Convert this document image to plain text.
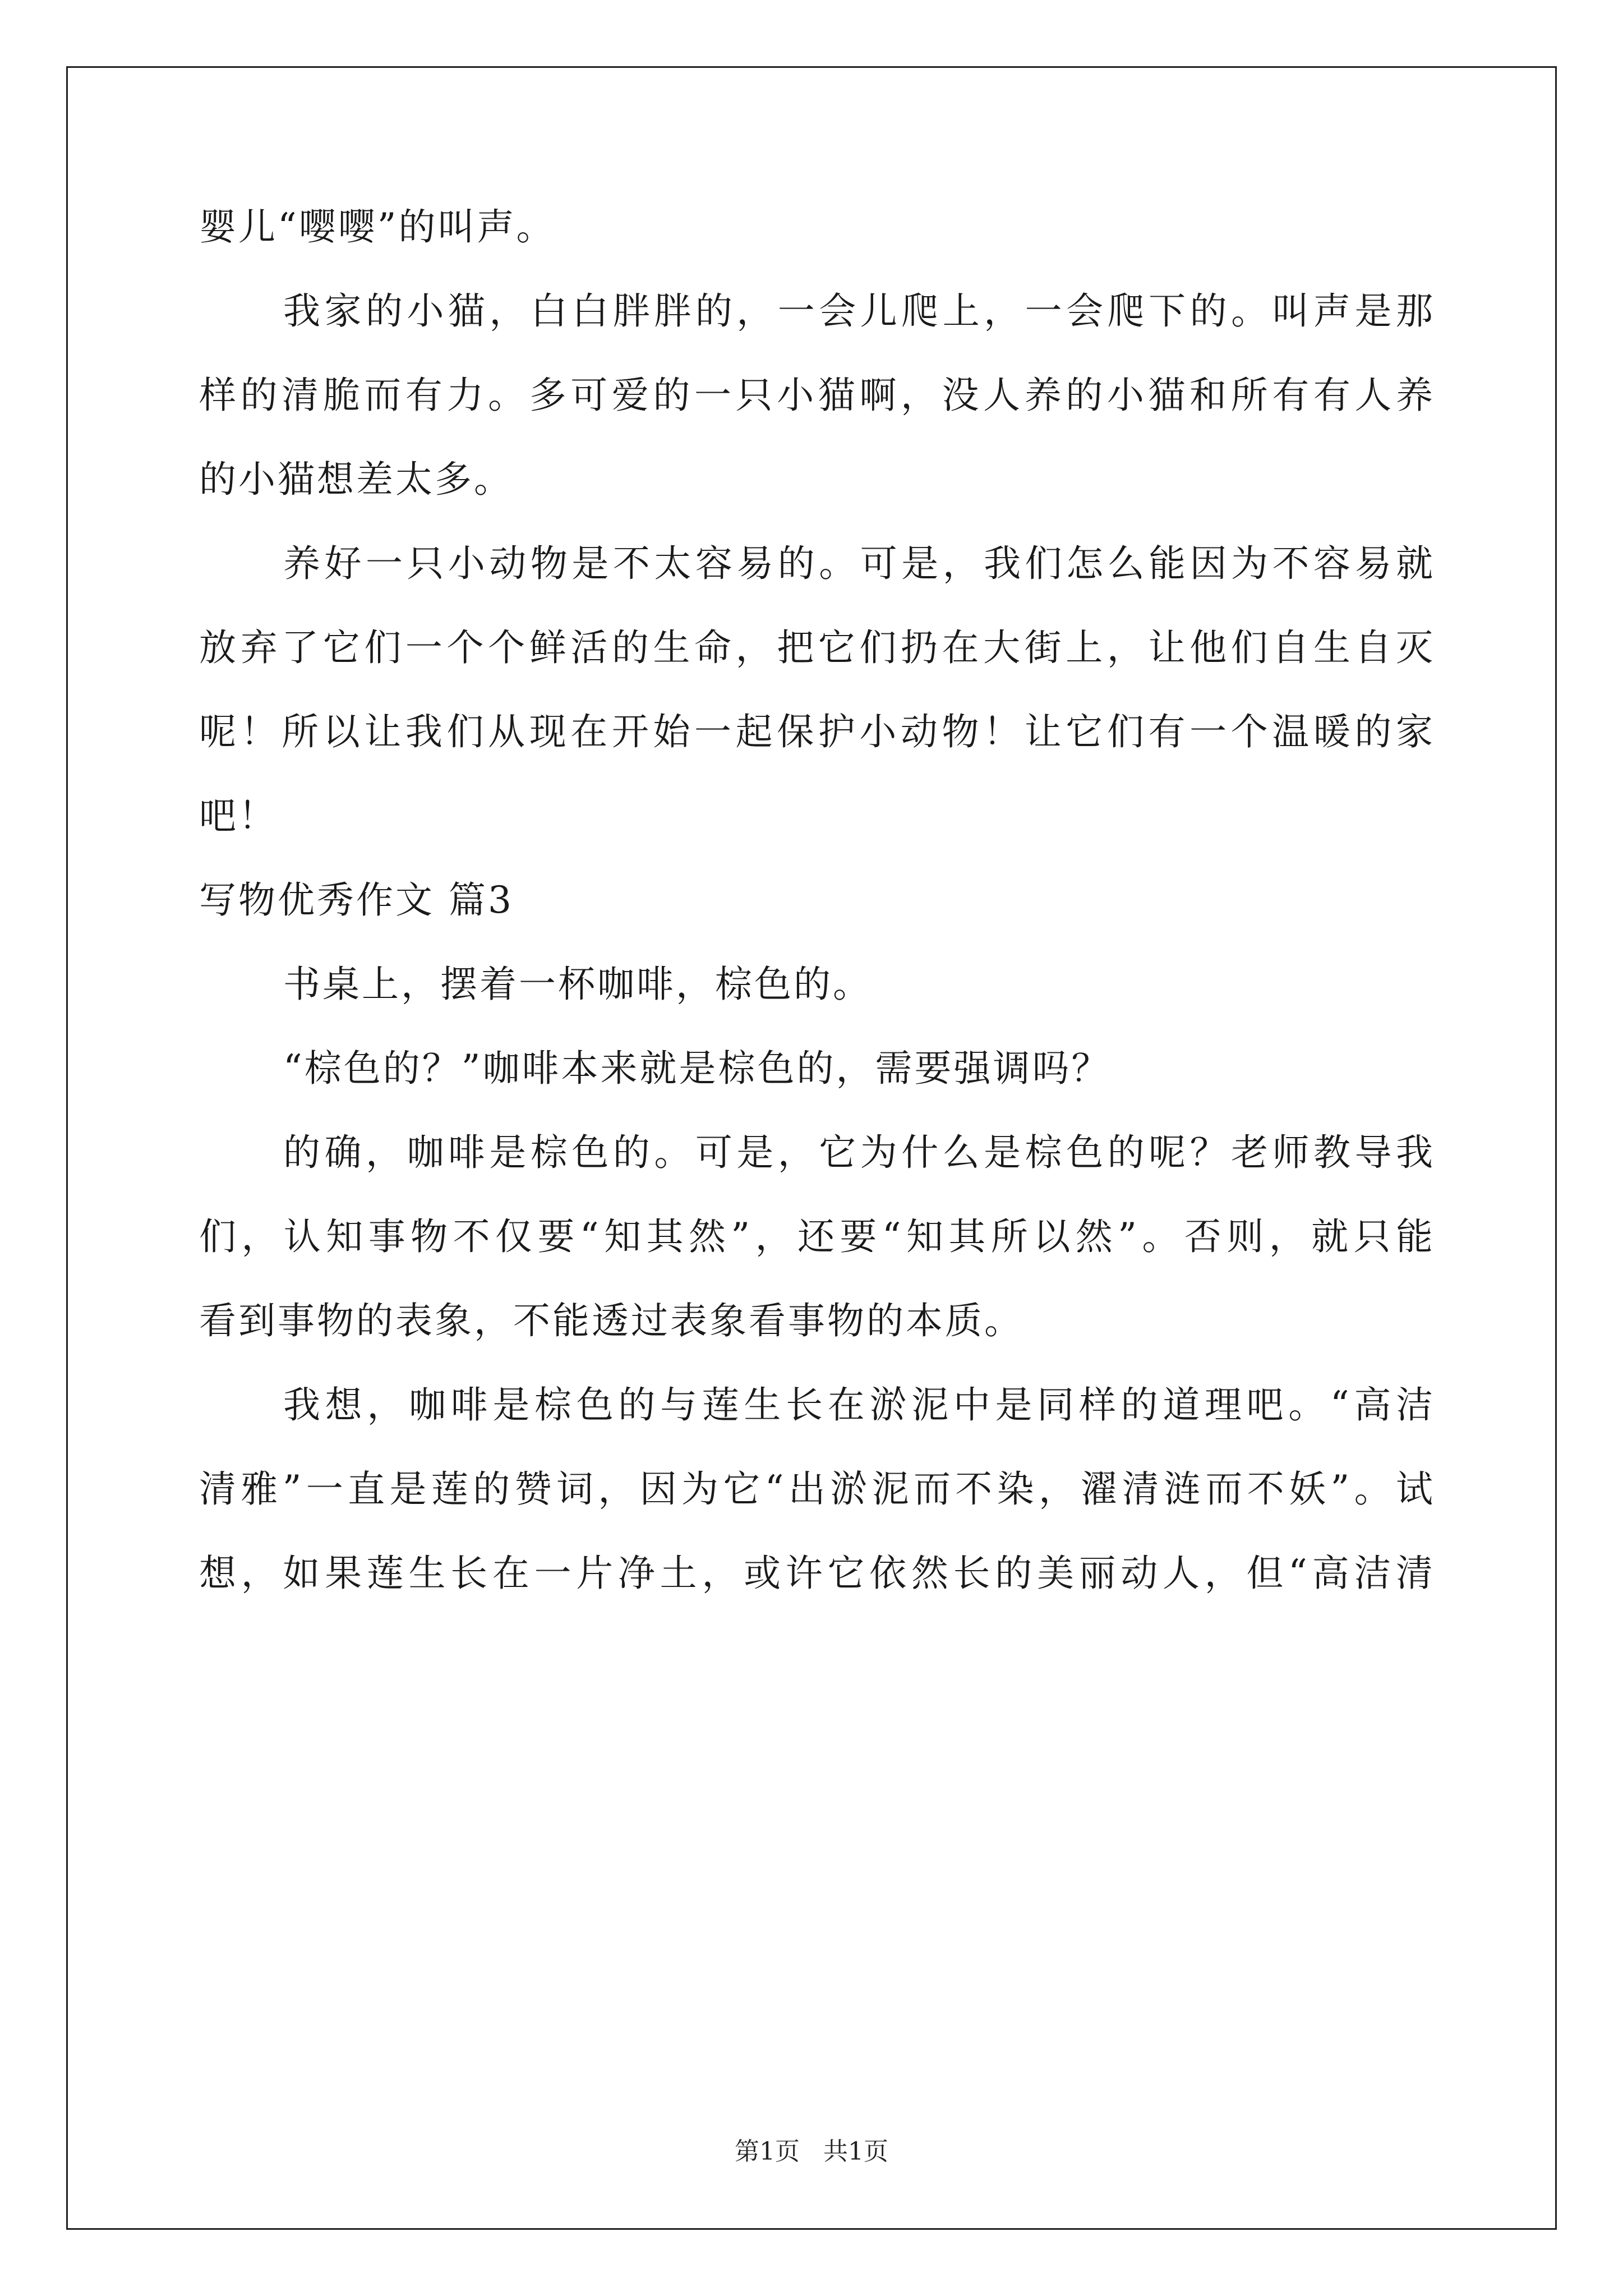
婴儿“嘤嘤”的叫声。
我家的小猫，白白胖胖的，一会儿爬上，一会爬下的。叫声是那
样的清脆而有力。多可爱的一只小猫啊，没人养的小猫和所有有人养
的小猫想差太多。
养好一只小动物是不太容易的。可是，我们怎么能因为不容易就
放弃了它们一个个鲜活的生命，把它们扔在大街上，让他们自生自灭
呢！所以让我们从现在开始一起保护小动物！让它们有一个温暖的家
吧！
写物优秀作文 篇3
书桌上，摆着一杯咖啡，棕色的。
“棕色的？”咖啡本来就是棕色的，需要强调吗？
的确，咖啡是棕色的。可是，它为什么是棕色的呢？老师教导我
们，认知事物不仅要“知其然”，还要“知其所以然”。否则，就只能
看到事物的表象，不能透过表象看事物的本质。
我想，咖啡是棕色的与莲生长在淤泥中是同样的道理吧。“高洁
清雅”一直是莲的赞词，因为它“出淤泥而不染，濯清涟而不妖”。试
想，如果莲生长在一片净土，或许它依然长的美丽动人，但“高洁清
第1页 共1页
